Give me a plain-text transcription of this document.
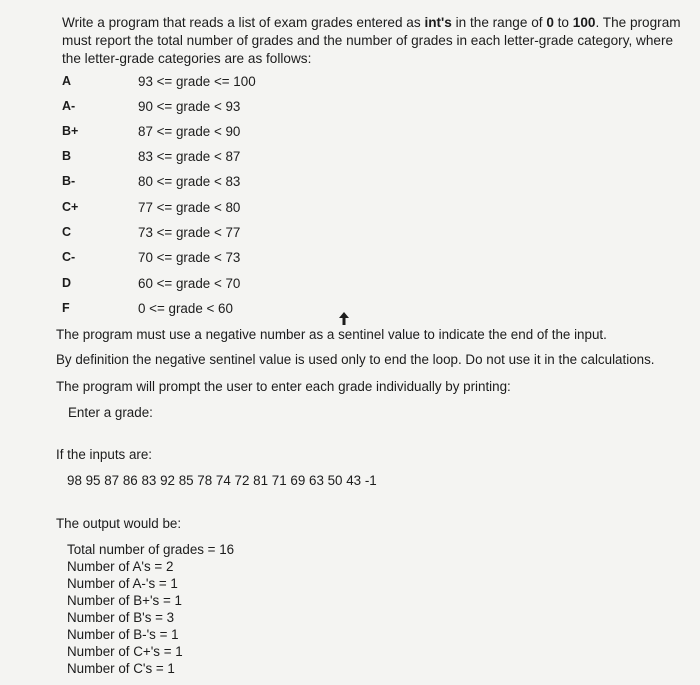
Write a program that reads a list of exam grades entered as int's in the range of 0 to 100. The program must report the total number of grades and the number of grades in each letter-grade category, where the letter-grade categories are as follows:
A	93 <= grade <= 100
A-	90 <= grade < 93
B+	87 <= grade < 90
B	83 <= grade < 87
B-	80 <= grade < 83
C+	77 <= grade < 80
C	73 <= grade < 77
C-	70 <= grade < 73
D	60 <= grade < 70
F	0 <= grade < 60
The program must use a negative number as a sentinel value to indicate the end of the input.
By definition the negative sentinel value is used only to end the loop. Do not use it in the calculations.
The program will prompt the user to enter each grade individually by printing:
Enter a grade:
If the inputs are:
98 95 87 86 83 92 85 78 74 72 81 71 69 63 50 43 -1
The output would be:
Total number of grades = 16
Number of A's = 2
Number of A-'s = 1
Number of B+'s = 1
Number of B's = 3
Number of B-'s = 1
Number of C+'s = 1
Number of C's = 1
